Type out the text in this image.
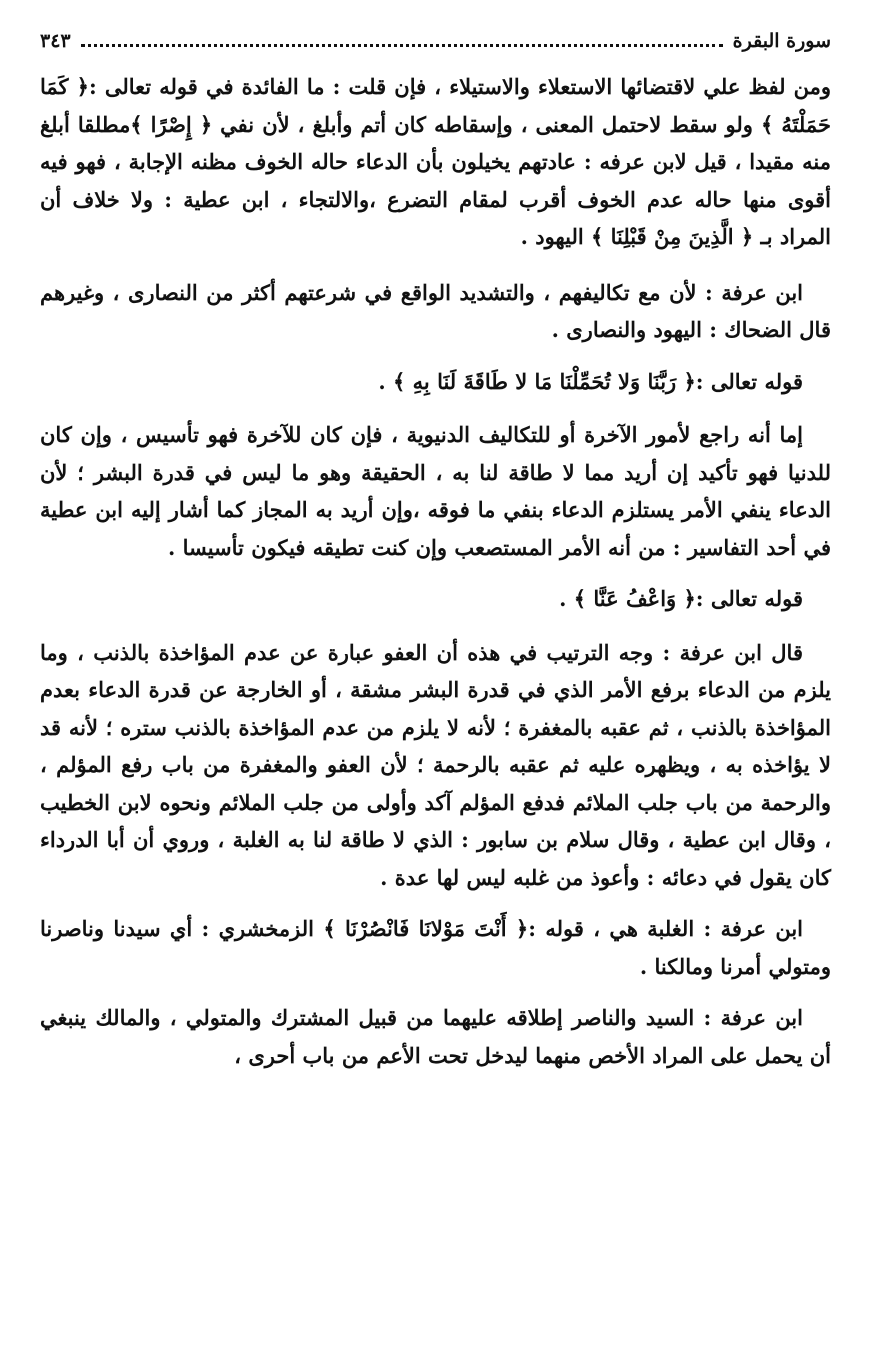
سورة البقرة
٣٤٣

ومن لفظ علي لاقتضائها الاستعلاء والاستيلاء ، فإن قلت : ما الفائدة في قوله تعالى :﴿ كَمَا حَمَلْتَهُ ﴾ ولو سقط لاحتمل المعنى ، وإسقاطه كان أتم وأبلغ ، لأن نفي ﴿ إِصْرًا ﴾مطلقا أبلغ منه مقيدا ، قيل لابن عرفه : عادتهم يخيلون بأن الدعاء حاله الخوف مظنه الإجابة ، فهو فيه أقوى منها حاله عدم الخوف أقرب لمقام التضرع ،والالتجاء ، ابن عطية : ولا خلاف أن المراد بـ ﴿ الَّذِينَ مِنْ قَبْلِنَا ﴾ اليهود .

ابن عرفة : لأن مع تكاليفهم ، والتشديد الواقع في شرعتهم أكثر من النصارى ، وغيرهم قال الضحاك : اليهود والنصارى .

قوله تعالى :﴿ رَبَّنَا وَلا تُحَمِّلْنَا مَا لا طَاقَةَ لَنَا بِهِ ﴾ .

إما أنه راجع لأمور الآخرة أو للتكاليف الدنيوية ، فإن كان للآخرة فهو تأسيس ، وإن كان للدنيا فهو تأكيد إن أريد مما لا طاقة لنا به ، الحقيقة وهو ما ليس في قدرة البشر ؛ لأن الدعاء ينفي الأمر يستلزم الدعاء بنفي ما فوقه ،وإن أريد به المجاز كما أشار إليه ابن عطية في أحد التفاسير : من أنه الأمر المستصعب وإن كنت تطيقه فيكون تأسيسا .

قوله تعالى :﴿ وَاعْفُ عَنَّا ﴾ .

قال ابن عرفة : وجه الترتيب في هذه أن العفو عبارة عن عدم المؤاخذة بالذنب ، وما يلزم من الدعاء برفع الأمر الذي في قدرة البشر مشقة ، أو الخارجة عن قدرة الدعاء بعدم المؤاخذة بالذنب ، ثم عقبه بالمغفرة ؛ لأنه لا يلزم من عدم المؤاخذة بالذنب ستره ؛ لأنه قد لا يؤاخذه به ، ويظهره عليه ثم عقبه بالرحمة ؛ لأن العفو والمغفرة من باب رفع المؤلم ، والرحمة من باب جلب الملائم فدفع المؤلم آكد وأولى من جلب الملائم ونحوه لابن الخطيب ، وقال ابن عطية ، وقال سلام بن سابور : الذي لا طاقة لنا به الغلبة ، وروي أن أبا الدرداء كان يقول في دعائه : وأعوذ من غلبه ليس لها عدة .

ابن عرفة : الغلبة هي ، قوله :﴿ أَنْتَ مَوْلانَا فَانْصُرْنَا ﴾ الزمخشري : أي سيدنا وناصرنا ومتولي أمرنا ومالكنا .

ابن عرفة : السيد والناصر إطلاقه عليهما من قبيل المشترك والمتولي ، والمالك ينبغي أن يحمل على المراد الأخص منهما ليدخل تحت الأعم من باب أحرى ،
